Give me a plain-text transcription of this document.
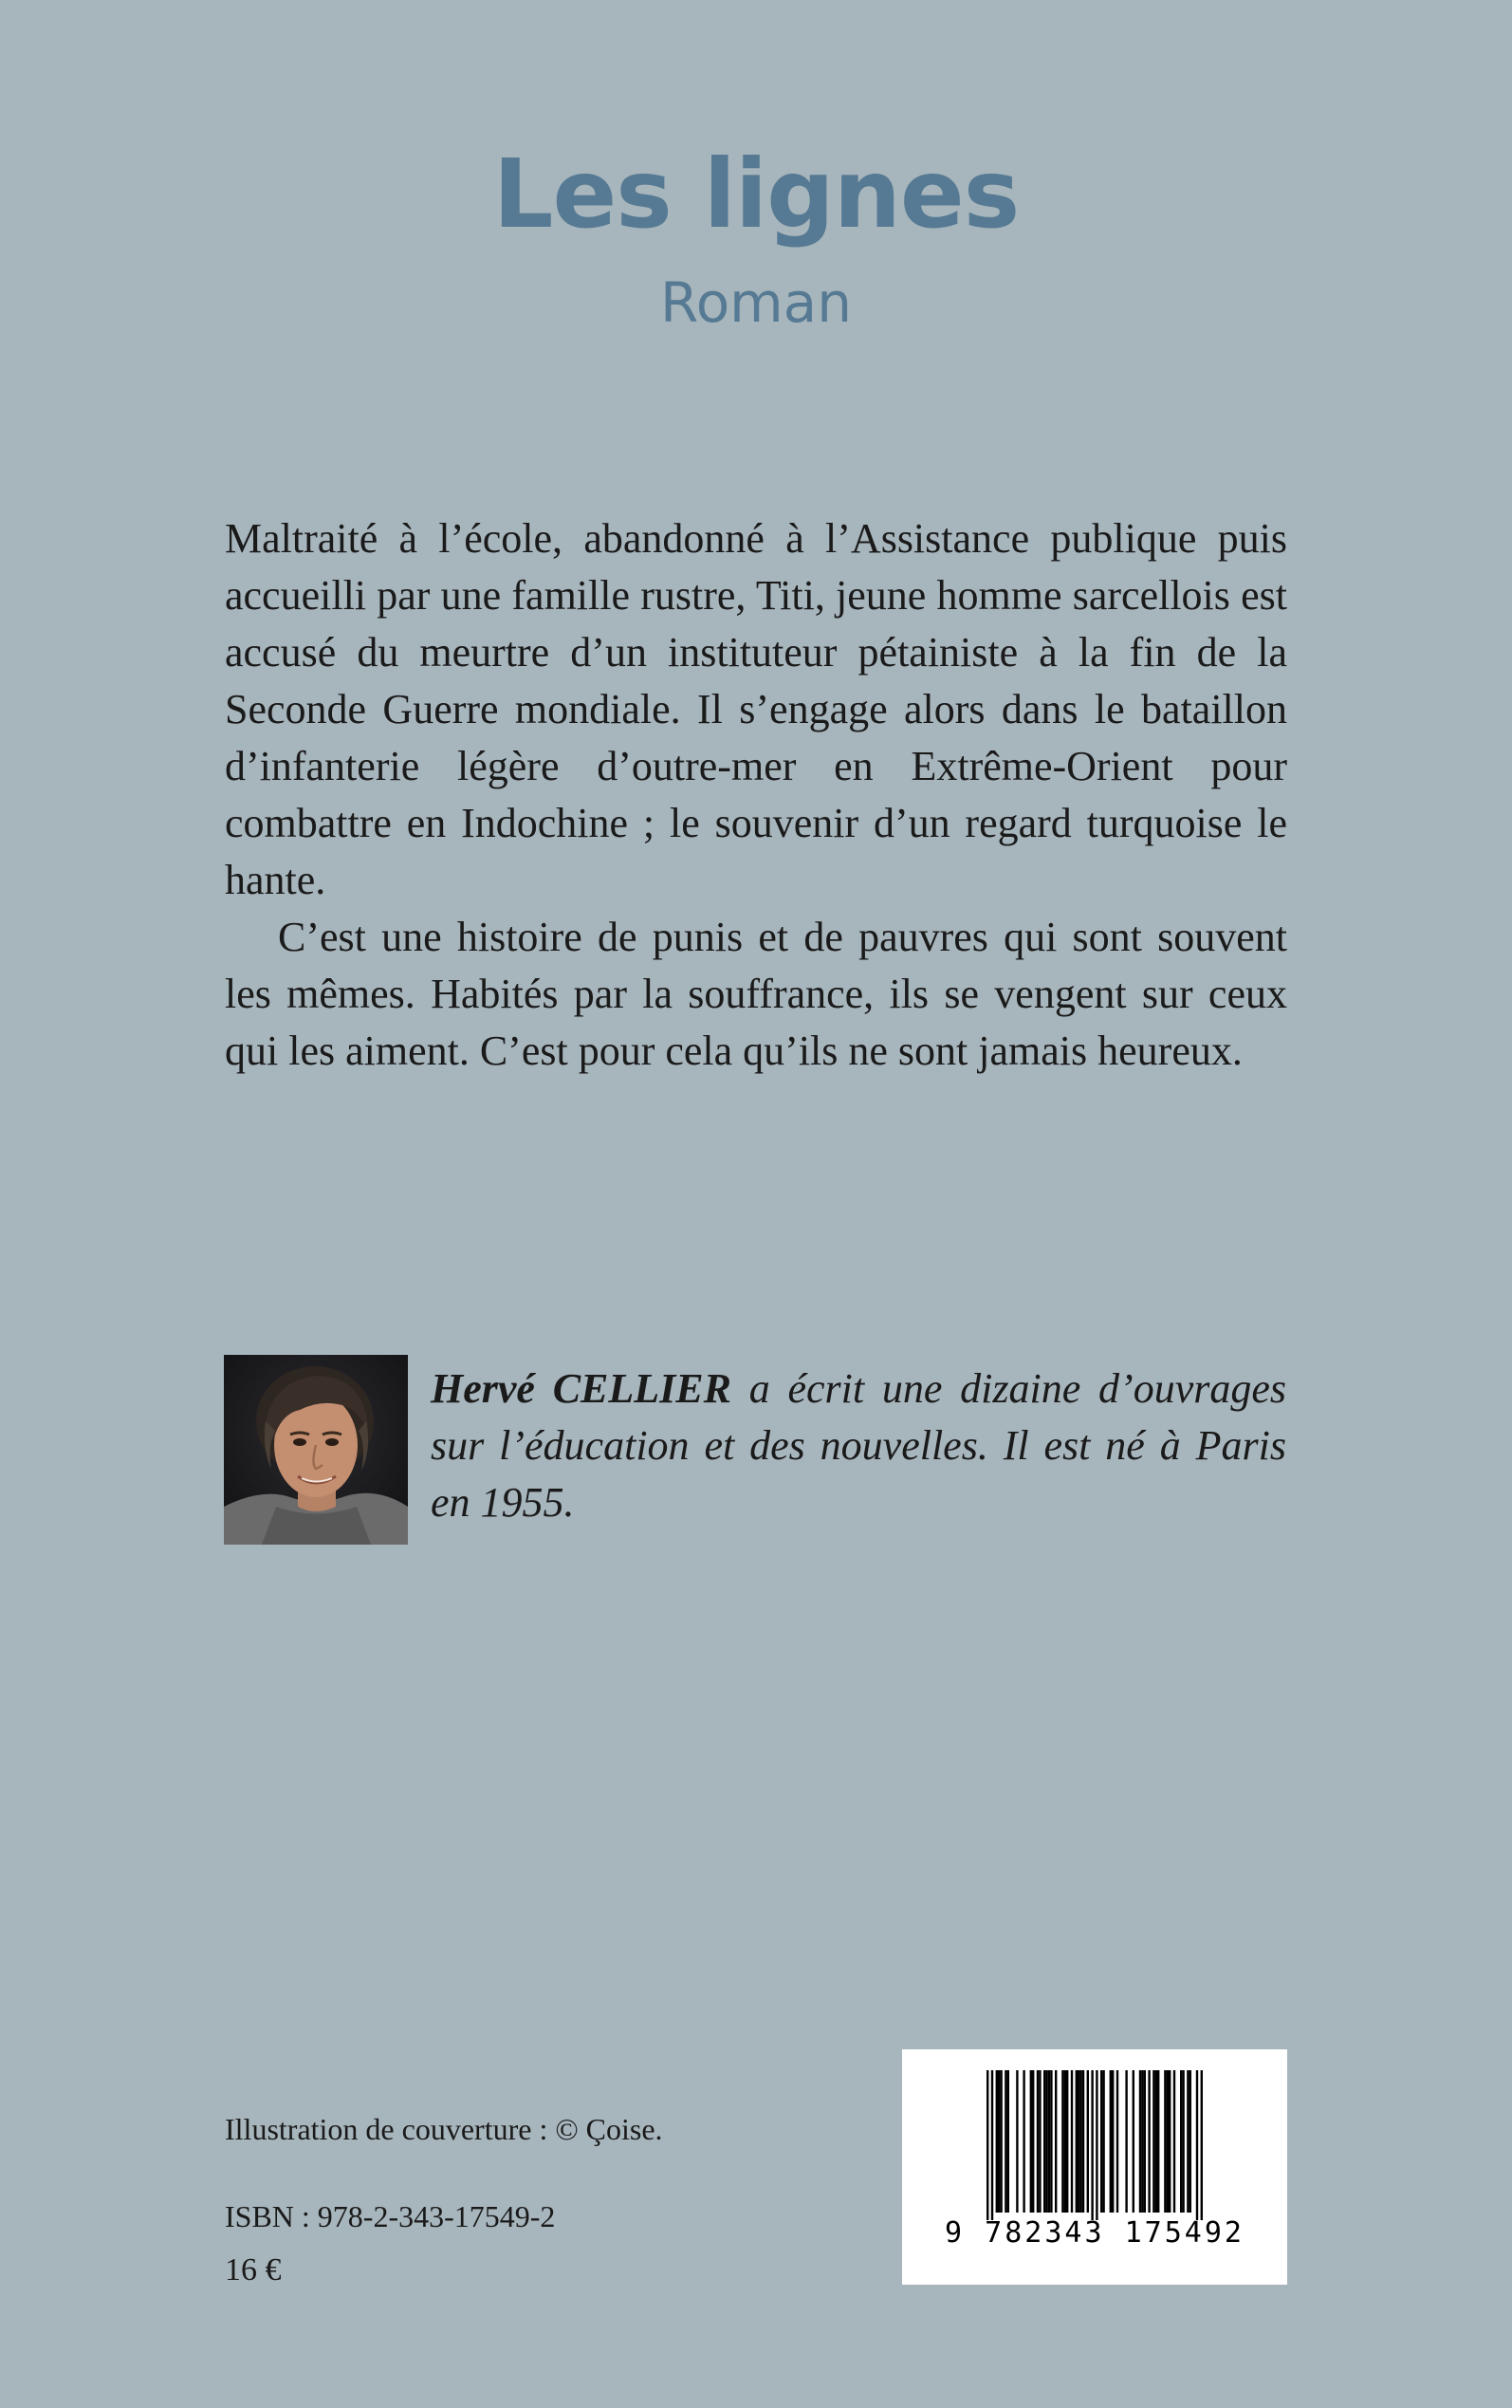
Les lignes
Roman

Maltraité à l’école, abandonné à l’Assistance publique puis accueilli par une famille rustre, Titi, jeune homme sarcellois est accusé du meurtre d’un instituteur pétainiste à la fin de la Seconde Guerre mondiale. Il s’engage alors dans le bataillon d’infanterie légère d’outre-mer en Extrême-Orient pour combattre en Indochine ; le souvenir d’un regard turquoise le hante.

C’est une histoire de punis et de pauvres qui sont souvent les mêmes. Habités par la souffrance, ils se vengent sur ceux qui les aiment. C’est pour cela qu’ils ne sont jamais heureux.

Hervé CELLIER a écrit une dizaine d’ouvrages sur l’éducation et des nouvelles. Il est né à Paris en 1955.
Illustration de couverture : © Çoise.
ISBN : 978-2-343-17549-2
16 €
9 782343 175492
